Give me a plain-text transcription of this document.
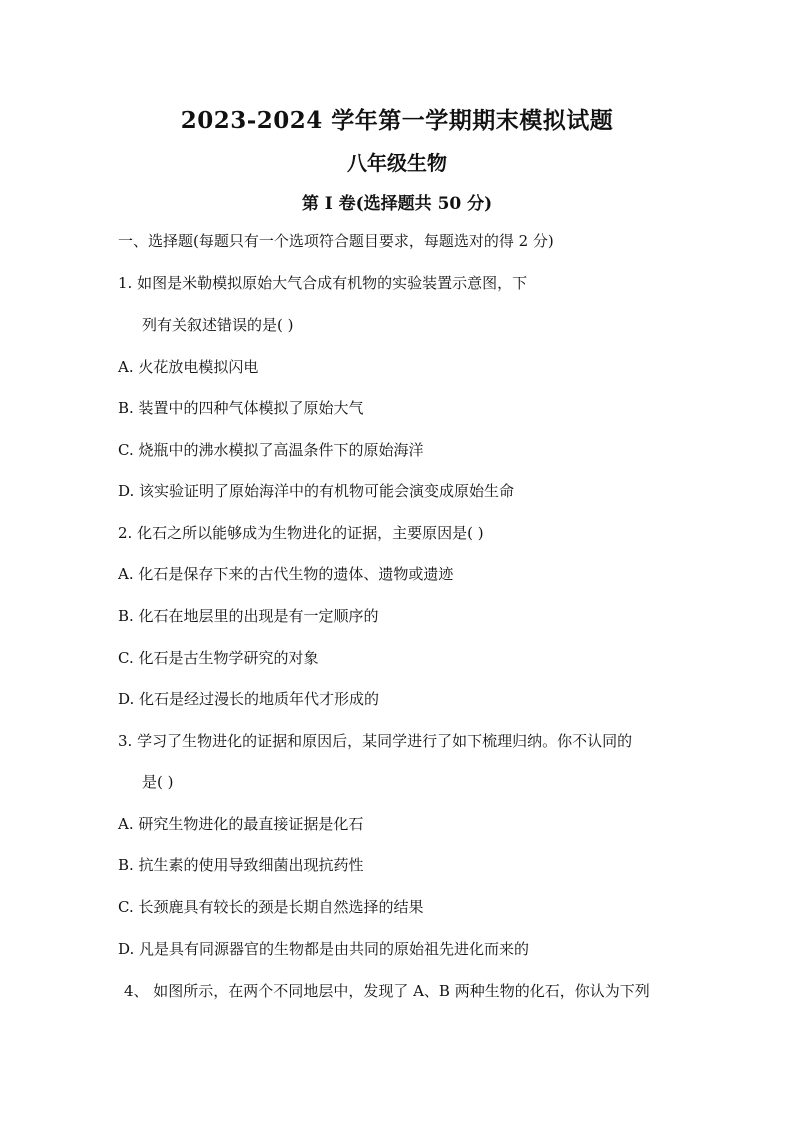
2023-2024 学年第一学期期末模拟试题
八年级生物
第 I 卷(选择题共 50 分)
一、选择题(每题只有一个选项符合题目要求，每题选对的得 2 分)
1. 如图是米勒模拟原始大气合成有机物的实验装置示意图，下
列有关叙述错误的是( )
A. 火花放电模拟闪电
B. 装置中的四种气体模拟了原始大气
C. 烧瓶中的沸水模拟了高温条件下的原始海洋
D. 该实验证明了原始海洋中的有机物可能会演变成原始生命
2. 化石之所以能够成为生物进化的证据，主要原因是( )
A. 化石是保存下来的古代生物的遗体、遗物或遗迹
B. 化石在地层里的出现是有一定顺序的
C. 化石是古生物学研究的对象
D. 化石是经过漫长的地质年代才形成的
3. 学习了生物进化的证据和原因后，某同学进行了如下梳理归纳。你不认同的
是( )
A. 研究生物进化的最直接证据是化石
B. 抗生素的使用导致细菌出现抗药性
C. 长颈鹿具有较长的颈是长期自然选择的结果
D. 凡是具有同源器官的生物都是由共同的原始祖先进化而来的
4、 如图所示，在两个不同地层中，发现了 A、B 两种生物的化石，你认为下列
